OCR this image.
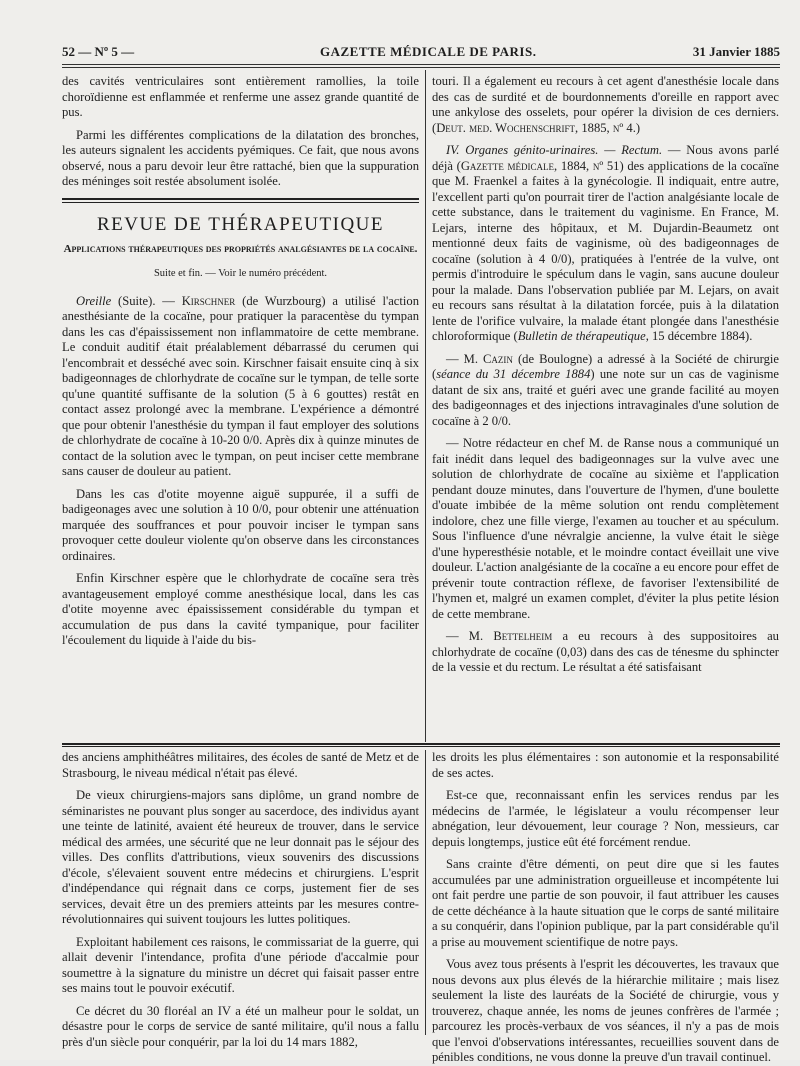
52 — Nº 5 —	GAZETTE MÉDICALE DE PARIS.	31 Janvier 1885

des cavités ventriculaires sont entièrement ramollies, la toile choroïdienne est enflammée et renferme une assez grande quantité de pus.

Parmi les différentes complications de la dilatation des bronches, les auteurs signalent les accidents pyémiques. Ce fait, que nous avons observé, nous a paru devoir leur être rattaché, bien que la suppuration des méninges soit restée absolument isolée.

REVUE DE THÉRAPEUTIQUE
Applications thérapeutiques des propriétés analgésiantes de la cocaïne.
Suite et fin. — Voir le numéro précédent.

Oreille (Suite). — Kirschner (de Wurzbourg) a utilisé l'action anesthésiante de la cocaïne, pour pratiquer la paracentèse du tympan dans les cas d'épaississement non inflammatoire de cette membrane. Le conduit auditif était préalablement débarrassé du cerumen qui l'encombrait et desséché avec soin. Kirschner faisait ensuite cinq à six badigeonnages de chlorhydrate de cocaïne sur le tympan, de telle sorte qu'une quantité suffisante de la solution (5 à 6 gouttes) restât en contact assez prolongé avec la membrane. L'expérience a démontré que pour obtenir l'anesthésie du tympan il faut employer des solutions de chlorhydrate de cocaïne à 10-20 0/0. Après dix à quinze minutes de contact de la solution avec le tympan, on peut inciser cette membrane sans causer de douleur au patient.

Dans les cas d'otite moyenne aiguë suppurée, il a suffi de badigeonages avec une solution à 10 0/0, pour obtenir une atténuation marquée des souffrances et pour pouvoir inciser le tympan sans provoquer cette douleur violente qu'on observe dans les circonstances ordinaires.

Enfin Kirschner espère que le chlorhydrate de cocaïne sera très avantageusement employé comme anesthésique local, dans les cas d'otite moyenne avec épaississement considérable du tympan et accumulation de pus dans la cavité tympanique, pour faciliter l'écoulement du liquide à l'aide du bis-

touri. Il a également eu recours à cet agent d'anesthésie locale dans des cas de surdité et de bourdonnements d'oreille en rapport avec une ankylose des osselets, pour opérer la division de ces derniers. (Deut. med. Wochenschrift, 1885, nº 4.)

IV. Organes génito-urinaires. — Rectum. — Nous avons parlé déjà (Gazette médicale, 1884, nº 51) des applications de la cocaïne que M. Fraenkel a faites à la gynécologie. Il indiquait, entre autre, l'excellent parti qu'on pourrait tirer de l'action analgésiante locale de cette substance, dans le traitement du vaginisme. En France, M. Lejars, interne des hôpitaux, et M. Dujardin-Beaumetz ont mentionné deux faits de vaginisme, où des badigeonnages de cocaïne (solution à 4 0/0), pratiquées à l'entrée de la vulve, ont permis d'introduire le spéculum dans le vagin, sans aucune douleur pour la malade. Dans l'observation publiée par M. Lejars, on avait eu recours sans résultat à la dilatation forcée, puis à la dilatation lente de l'orifice vulvaire, la malade étant plongée dans l'anesthésie chloroformique (Bulletin de thérapeutique, 15 décembre 1884).

— M. Cazin (de Boulogne) a adressé à la Société de chirurgie (séance du 31 décembre 1884) une note sur un cas de vaginisme datant de six ans, traité et guéri avec une grande facilité au moyen des badigeonnages et des injections intravaginales d'une solution de cocaïne à 2 0/0.

— Notre rédacteur en chef M. de Ranse nous a communiqué un fait inédit dans lequel des badigeonnages sur la vulve avec une solution de chlorhydrate de cocaïne au sixième et l'application pendant douze minutes, dans l'ouverture de l'hymen, d'une boulette d'ouate imbibée de la même solution ont rendu complètement indolore, chez une fille vierge, l'examen au toucher et au spéculum. Sous l'influence d'une névralgie ancienne, la vulve était le siège d'une hyperesthésie notable, et le moindre contact éveillait une vive douleur. L'action analgésiante de la cocaïne a eu encore pour effet de prévenir toute contraction réflexe, de favoriser l'extensibilité de l'hymen et, malgré un examen complet, d'éviter la plus petite lésion de cette membrane.

— M. Bettelheim a eu recours à des suppositoires au chlorhydrate de cocaïne (0,03) dans des cas de ténesme du sphincter de la vessie et du rectum. Le résultat a été satisfaisant

des anciens amphithéâtres militaires, des écoles de santé de Metz et de Strasbourg, le niveau médical n'était pas élevé.

De vieux chirurgiens-majors sans diplôme, un grand nombre de séminaristes ne pouvant plus songer au sacerdoce, des individus ayant une teinte de latinité, avaient été heureux de trouver, dans le service médical des armées, une sécurité que ne leur donnait pas le séjour des villes. Des conflits d'attributions, vieux souvenirs des discussions d'école, s'élevaient souvent entre médecins et chirurgiens. L'esprit d'indépendance qui régnait dans ce corps, justement fier de ses services, devait être un des premiers atteints par les mesures contre-révolutionnaires qui suivent toujours les luttes politiques.

Exploitant habilement ces raisons, le commissariat de la guerre, qui allait devenir l'intendance, profita d'une période d'accalmie pour soumettre à la signature du ministre un décret qui faisait passer entre ses mains tout le pouvoir exécutif.

Ce décret du 30 floréal an IV a été un malheur pour le soldat, un désastre pour le corps de service de santé militaire, qu'il nous a fallu près d'un siècle pour conquérir, par la loi du 14 mars 1882,

les droits les plus élémentaires : son autonomie et la responsabilité de ses actes.

Est-ce que, reconnaissant enfin les services rendus par les médecins de l'armée, le législateur a voulu récompenser leur abnégation, leur dévouement, leur courage ? Non, messieurs, car depuis longtemps, justice eût été forcément rendue.

Sans crainte d'être démenti, on peut dire que si les fautes accumulées par une administration orgueilleuse et incompétente lui ont fait perdre une partie de son pouvoir, il faut attribuer les causes de cette déchéance à la haute situation que le corps de santé militaire a su conquérir, dans l'opinion publique, par la part considérable qu'il a prise au mouvement scientifique de notre pays.

Vous avez tous présents à l'esprit les découvertes, les travaux que nous devons aux plus élevés de la hiérarchie militaire ; mais lisez seulement la liste des lauréats de la Société de chirurgie, vous y trouverez, chaque année, les noms de jeunes confrères de l'armée ; parcourez les procès-verbaux de vos séances, il n'y a pas de mois que l'envoi d'observations intéressantes, recueillies souvent dans de pénibles conditions, ne vous donne la preuve d'un travail continuel.
